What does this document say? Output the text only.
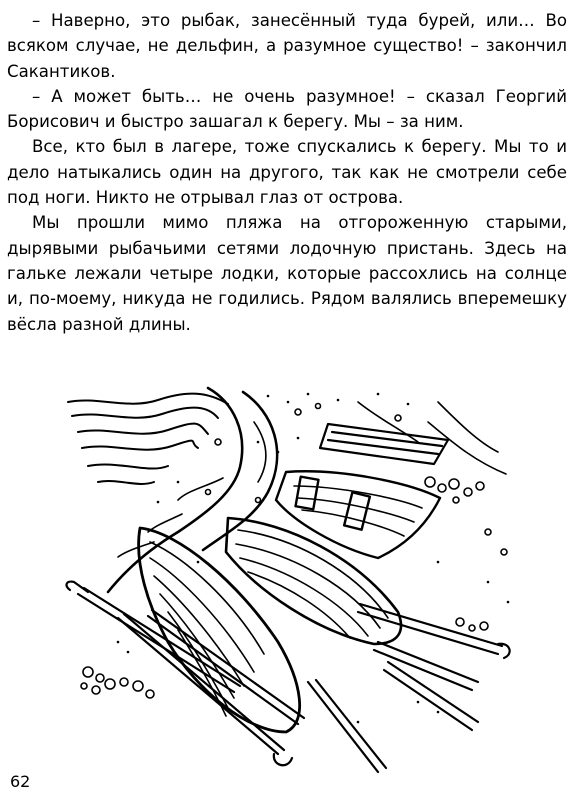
– Наверно, это рыбак, занесённый туда бурей, или… Во всяком случае, не дельфин, а разумное существо! – закончил Сакантиков.

– А может быть… не очень разумное! – сказал Георгий Борисович и быстро зашагал к берегу. Мы – за ним.

Все, кто был в лагере, тоже спускались к берегу. Мы то и дело натыкались один на другого, так как не смотрели себе под ноги. Никто не отрывал глаз от острова.

Мы прошли мимо пляжа на отгороженную старыми, дырявыми рыбачьими сетями лодочную пристань. Здесь на гальке лежали четыре лодки, которые рассохлись на солнце и, по-моему, никуда не годились. Рядом валялись вперемешку вёсла разной длины.

62
